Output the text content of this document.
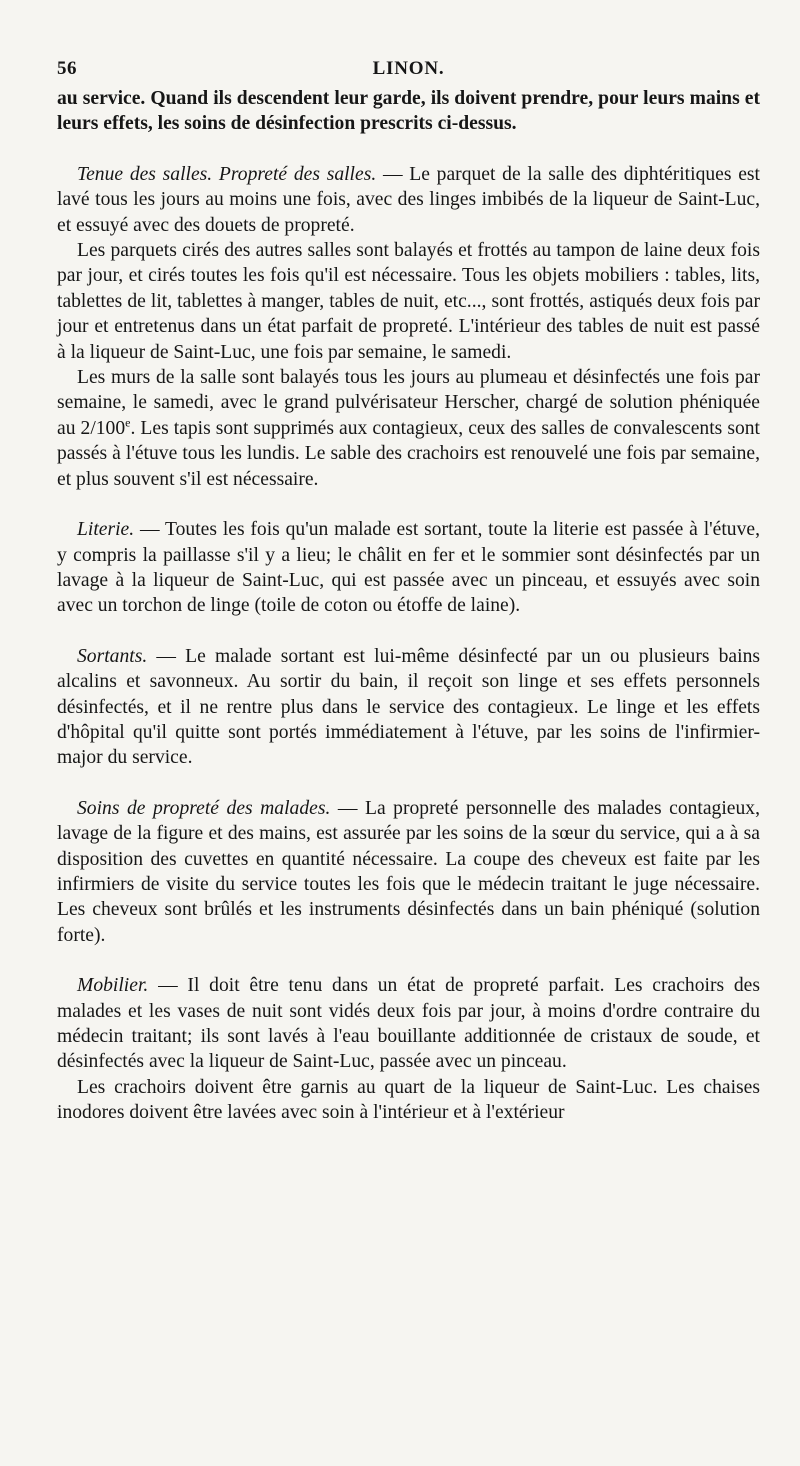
56	LINON.

au service. Quand ils descendent leur garde, ils doivent prendre, pour leurs mains et leurs effets, les soins de désinfection prescrits ci-dessus.

Tenue des salles. Propreté des salles. — Le parquet de la salle des diphtéritiques est lavé tous les jours au moins une fois, avec des linges imbibés de la liqueur de Saint-Luc, et essuyé avec des douets de propreté.

Les parquets cirés des autres salles sont balayés et frottés au tampon de laine deux fois par jour, et cirés toutes les fois qu'il est nécessaire. Tous les objets mobiliers : tables, lits, tablettes de lit, tablettes à manger, tables de nuit, etc..., sont frottés, astiqués deux fois par jour et entretenus dans un état parfait de propreté. L'intérieur des tables de nuit est passé à la liqueur de Saint-Luc, une fois par semaine, le samedi.

Les murs de la salle sont balayés tous les jours au plumeau et désinfectés une fois par semaine, le samedi, avec le grand pulvérisateur Herscher, chargé de solution phéniquée au 2/100e. Les tapis sont supprimés aux contagieux, ceux des salles de convalescents sont passés à l'étuve tous les lundis. Le sable des crachoirs est renouvelé une fois par semaine, et plus souvent s'il est nécessaire.

Literie. — Toutes les fois qu'un malade est sortant, toute la literie est passée à l'étuve, y compris la paillasse s'il y a lieu; le châlit en fer et le sommier sont désinfectés par un lavage à la liqueur de Saint-Luc, qui est passée avec un pinceau, et essuyés avec soin avec un torchon de linge (toile de coton ou étoffe de laine).

Sortants. — Le malade sortant est lui-même désinfecté par un ou plusieurs bains alcalins et savonneux. Au sortir du bain, il reçoit son linge et ses effets personnels désinfectés, et il ne rentre plus dans le service des contagieux. Le linge et les effets d'hôpital qu'il quitte sont portés immédiatement à l'étuve, par les soins de l'infirmier-major du service.

Soins de propreté des malades. — La propreté personnelle des malades contagieux, lavage de la figure et des mains, est assurée par les soins de la sœur du service, qui a à sa disposition des cuvettes en quantité nécessaire. La coupe des cheveux est faite par les infirmiers de visite du service toutes les fois que le médecin traitant le juge nécessaire. Les cheveux sont brûlés et les instruments désinfectés dans un bain phéniqué (solution forte).

Mobilier. — Il doit être tenu dans un état de propreté parfait. Les crachoirs des malades et les vases de nuit sont vidés deux fois par jour, à moins d'ordre contraire du médecin traitant; ils sont lavés à l'eau bouillante additionnée de cristaux de soude, et désinfectés avec la liqueur de Saint-Luc, passée avec un pinceau.

Les crachoirs doivent être garnis au quart de la liqueur de Saint-Luc. Les chaises inodores doivent être lavées avec soin à l'intérieur et à l'extérieur
